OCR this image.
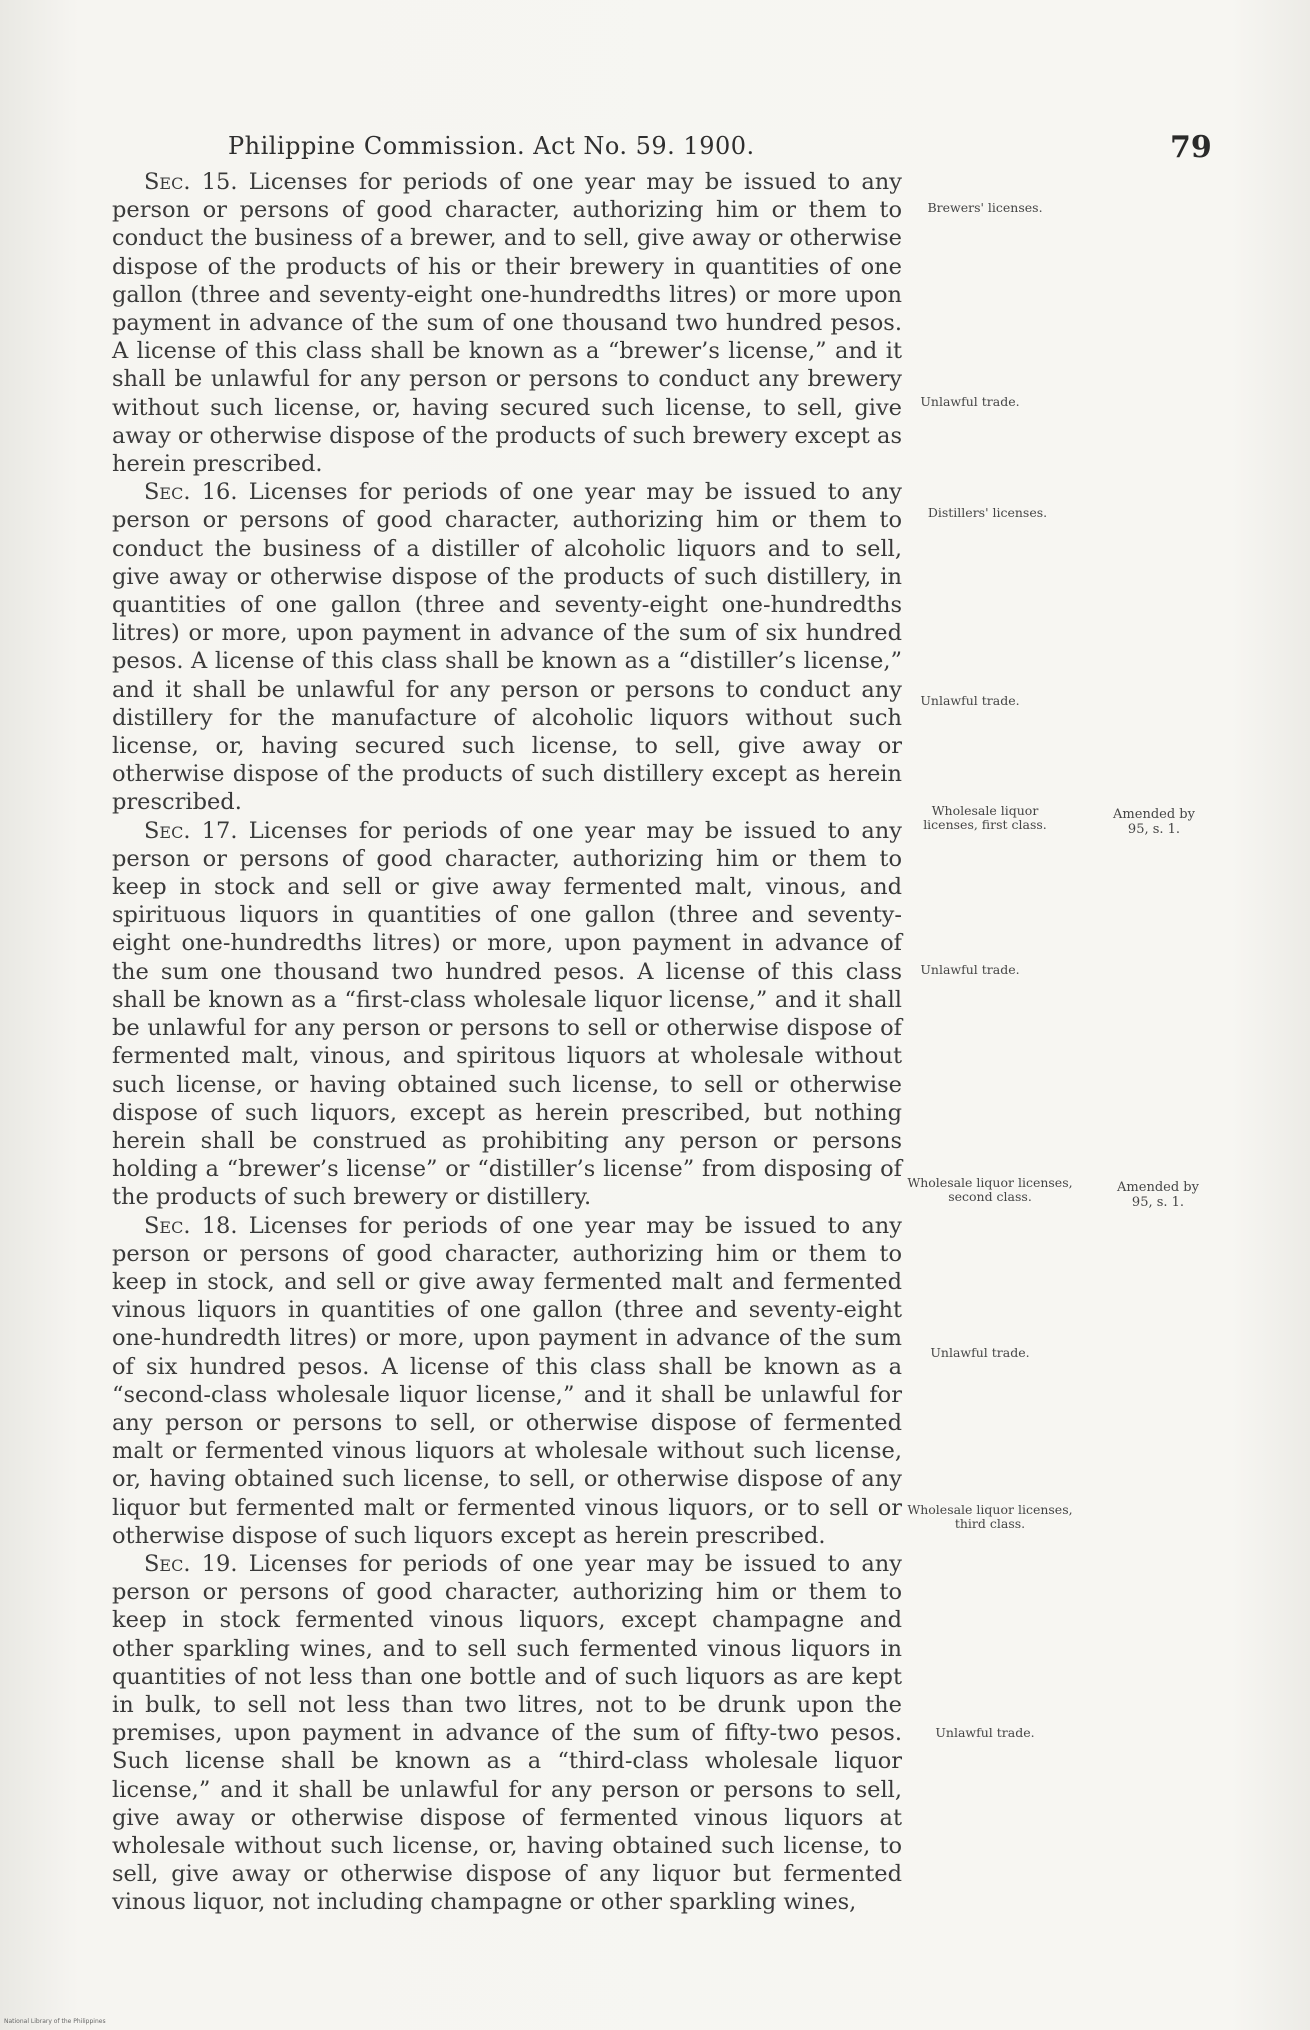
Philippine Commission. Act No. 59. 1900.	79

Sec. 15. Licenses for periods of one year may be issued to any person or persons of good character, authorizing him or them to conduct the business of a brewer, and to sell, give away or otherwise dispose of the products of his or their brewery in quantities of one gallon (three and seventy-eight one-hundredths litres) or more upon payment in advance of the sum of one thousand two hundred pesos. A license of this class shall be known as a “brewer’s license,” and it shall be unlawful for any person or persons to conduct any brewery without such license, or, having secured such license, to sell, give away or otherwise dispose of the products of such brewery except as herein prescribed.

Sec. 16. Licenses for periods of one year may be issued to any person or persons of good character, authorizing him or them to conduct the business of a distiller of alcoholic liquors and to sell, give away or otherwise dispose of the products of such distillery, in quantities of one gallon (three and seventy-eight one-hundredths litres) or more, upon payment in advance of the sum of six hundred pesos. A license of this class shall be known as a “distiller’s license,” and it shall be unlawful for any person or persons to conduct any distillery for the manufacture of alcoholic liquors without such license, or, having secured such license, to sell, give away or otherwise dispose of the products of such distillery except as herein prescribed.

Sec. 17. Licenses for periods of one year may be issued to any person or persons of good character, authorizing him or them to keep in stock and sell or give away fermented malt, vinous, and spirituous liquors in quantities of one gallon (three and seventy-eight one-hundredths litres) or more, upon payment in advance of the sum one thousand two hundred pesos. A license of this class shall be known as a “first-class wholesale liquor license,” and it shall be unlawful for any person or persons to sell or otherwise dispose of fermented malt, vinous, and spiritous liquors at wholesale without such license, or having obtained such license, to sell or otherwise dispose of such liquors, except as herein prescribed, but nothing herein shall be construed as prohibiting any person or persons holding a “brewer’s license” or “distiller’s license” from disposing of the products of such brewery or distillery.

Sec. 18. Licenses for periods of one year may be issued to any person or persons of good character, authorizing him or them to keep in stock, and sell or give away fermented malt and fermented vinous liquors in quantities of one gallon (three and seventy-eight one-hundredth litres) or more, upon payment in advance of the sum of six hundred pesos. A license of this class shall be known as a “second-class wholesale liquor license,” and it shall be unlawful for any person or persons to sell, or otherwise dispose of fermented malt or fermented vinous liquors at wholesale without such license, or, having obtained such license, to sell, or otherwise dispose of any liquor but fermented malt or fermented vinous liquors, or to sell or otherwise dispose of such liquors except as herein prescribed.

Sec. 19. Licenses for periods of one year may be issued to any person or persons of good character, authorizing him or them to keep in stock fermented vinous liquors, except champagne and other sparkling wines, and to sell such fermented vinous liquors in quantities of not less than one bottle and of such liquors as are kept in bulk, to sell not less than two litres, not to be drunk upon the premises, upon payment in advance of the sum of fifty-two pesos. Such license shall be known as a “third-class wholesale liquor license,” and it shall be unlawful for any person or persons to sell, give away or otherwise dispose of fermented vinous liquors at wholesale without such license, or, having obtained such license, to sell, give away or otherwise dispose of any liquor but fermented vinous liquor, not including champagne or other sparkling wines,

Brewers' licenses.
Unlawful trade.
Distillers' licenses.
Unlawful trade.
Wholesale liquor licenses, first class.
Amended by 95, s. 1.
Unlawful trade.
Wholesale liquor licenses, second class.
Amended by 95, s. 1.
Unlawful trade.
Wholesale liquor licenses, third class.
Unlawful trade.
National Library of the Philippines
